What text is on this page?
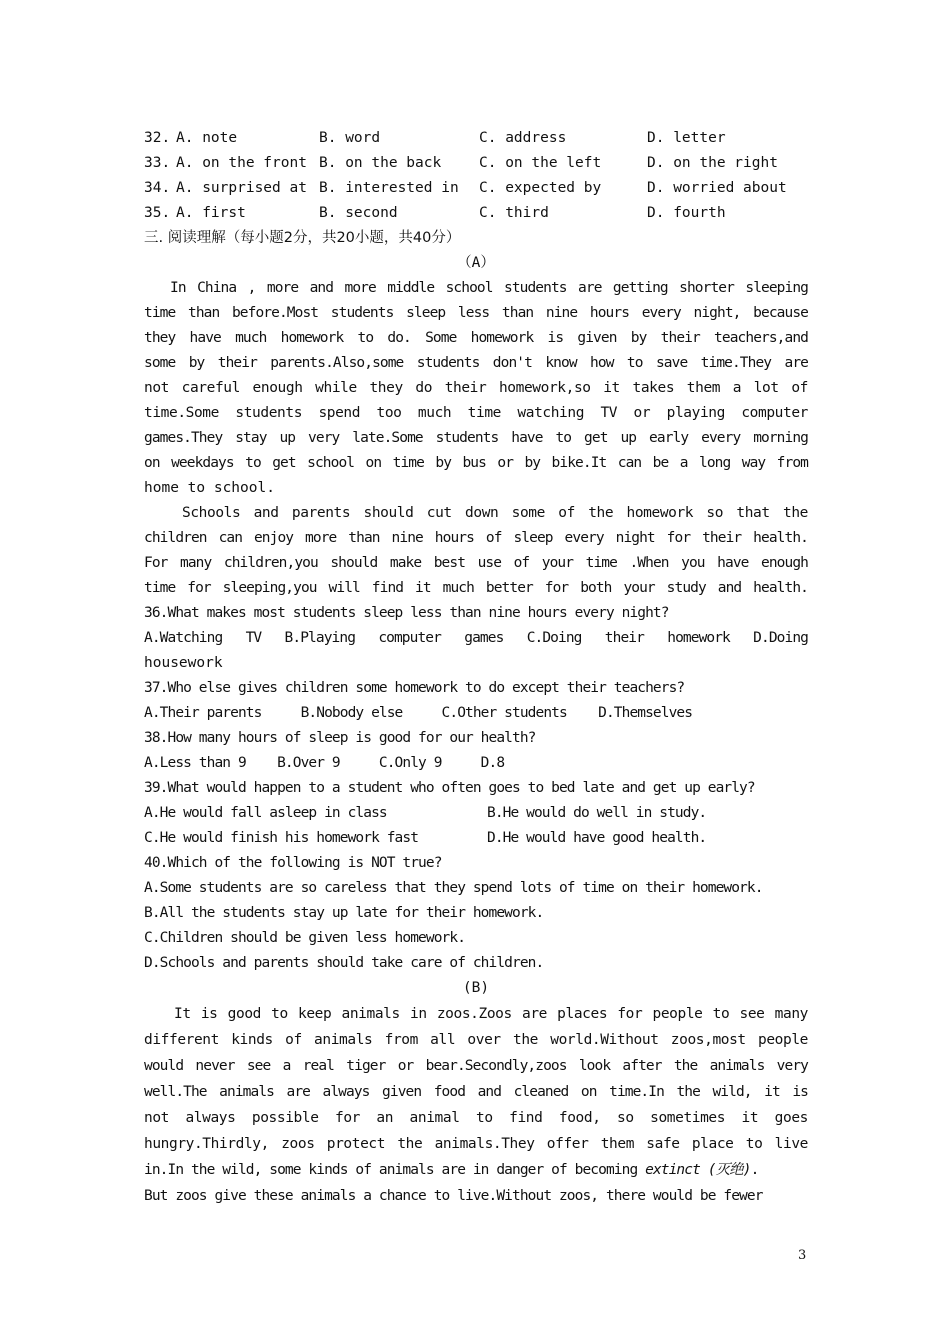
32. A. note	B. word	C. address	D. letter
33. A. on the front B. on the back	C. on the left	D. on the right
34. A. surprised at B. interested in	C. expected by	D. worried about
35. A. first	B. second	C. third	D. fourth
三. 阅读理解（每小题2分，共20小题，共40分）
（A）
In China , more and more middle school students are getting shorter sleeping
time than before.Most students sleep less than nine hours every night, because
they have much homework to do. Some homework is given by their teachers,and
some by their parents.Also,some students don't know how to save time.They are
not careful enough while they do their homework,so it takes them a lot of
time.Some students spend too much time watching TV or playing computer
games.They stay up very late.Some students have to get up early every morning
on weekdays to get school on time by bus or by bike.It can be a long way from
home to school.
Schools and parents should cut down some of the homework so that the
children can enjoy more than nine hours of sleep every night for their health.
For many children,you should make best use of your time .When you have enough
time for sleeping,you will find it much better for both your study and health.
36.What makes most students sleep less than nine hours every night?
A.Watching TV B.Playing computer games C.Doing their homework D.Doing
housework
37.Who else gives children some homework to do except their teachers?
A.Their parents     B.Nobody else     C.Other students    D.Themselves
38.How many hours of sleep is good for our health?
A.Less than 9    B.Over 9     C.Only 9     D.8
39.What would happen to a student who often goes to bed late and get up early?
A.He would fall asleep in class	B.He would do well in study.
C.He would finish his homework fast	D.He would have good health.
40.Which of the following is NOT true?
A.Some students are so careless that they spend lots of time on their homework.
B.All the students stay up late for their homework.
C.Children should be given less homework.
D.Schools and parents should take care of children.
(B)
It is good to keep animals in zoos.Zoos are places for people to see many
different kinds of animals from all over the world.Without zoos,most people
would never see a real tiger or bear.Secondly,zoos look after the animals very
well.The animals are always given food and cleaned on time.In the wild, it is
not always possible for an animal to find food, so sometimes it goes
hungry.Thirdly, zoos protect the animals.They offer them safe place to live
in.In the wild, some kinds of animals are in danger of becoming extinct (灭绝).
But zoos give these animals a chance to live.Without zoos, there would be fewer
3
